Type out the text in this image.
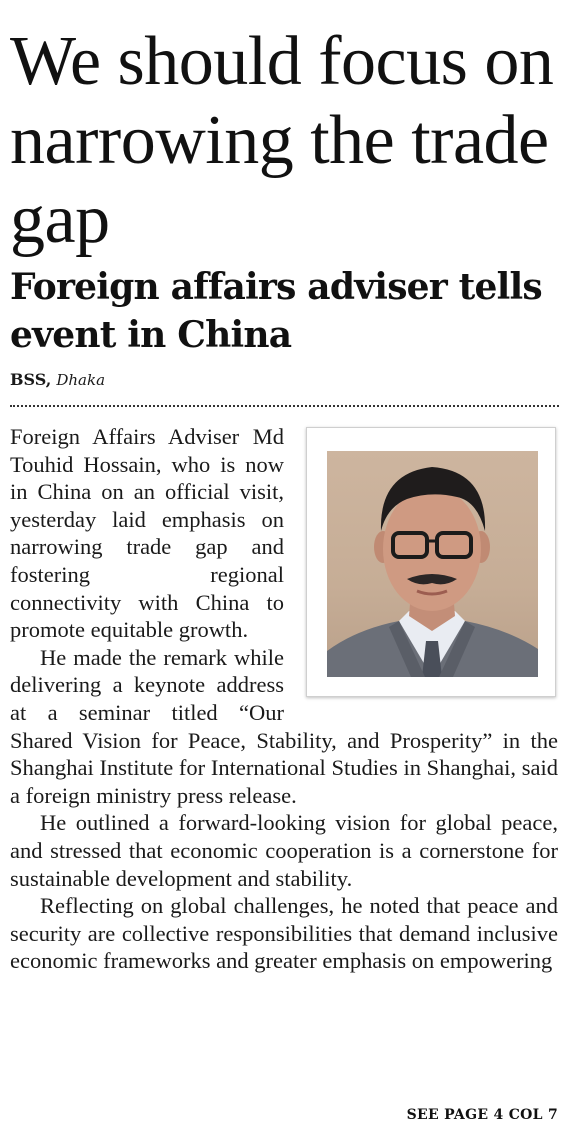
We should focus on narrowing the trade gap
Foreign affairs adviser tells event in China
BSS, Dhaka

Foreign Affairs Adviser Md Touhid Hossain, who is now in China on an official visit, yesterday laid emphasis on narrowing trade gap and fostering regional connectivity with China to promote equitable growth.

He made the remark while delivering a keynote address at a seminar titled “Our Shared Vision for Peace, Stability, and Prosperity” in the Shanghai Institute for International Studies in Shanghai, said a foreign ministry press release.

He outlined a forward-looking vision for global peace, and stressed that economic cooperation is a cornerstone for sustainable development and stability.

Reflecting on global challenges, he noted that peace and security are collective responsibilities that demand inclusive economic frameworks and greater emphasis on empowering

SEE PAGE 4 COL 7
